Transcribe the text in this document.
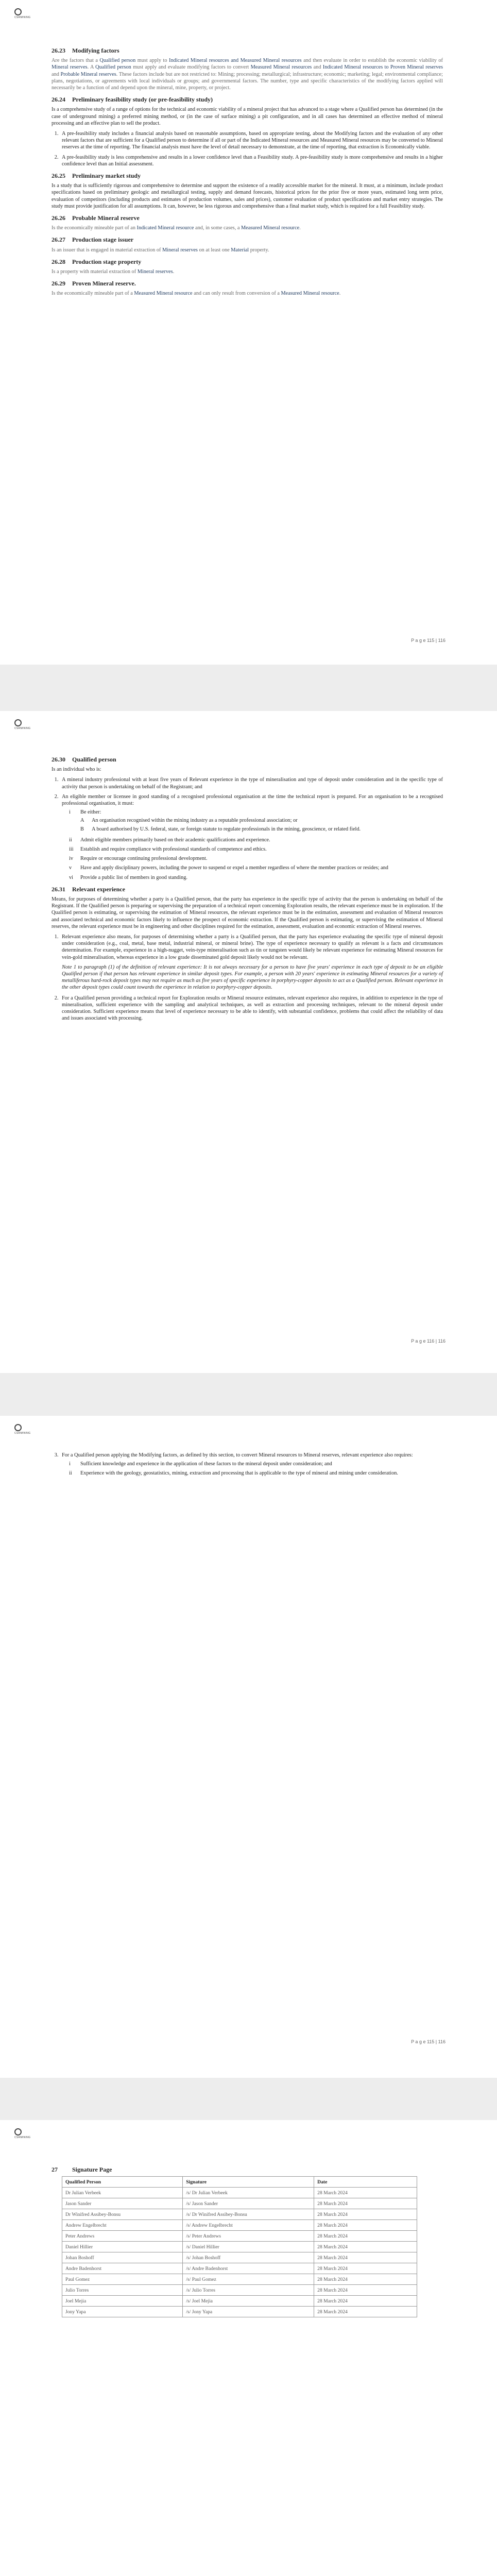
CSRMINING
26.23 Modifying factors

Are the factors that a Qualified person must apply to Indicated Mineral resources and Measured Mineral resources and then evaluate in order to establish the economic viability of Mineral reserves. A Qualified person must apply and evaluate modifying factors to convert Measured Mineral resources and Indicated Mineral resources to Proven Mineral reserves and Probable Mineral reserves. These factors include but are not restricted to: Mining; processing; metallurgical; infrastructure; economic; marketing; legal; environmental compliance; plans, negotiations, or agreements with local individuals or groups; and governmental factors. The number, type and specific characteristics of the modifying factors applied will necessarily be a function of and depend upon the mineral, mine, property, or project.

26.24 Preliminary feasibility study (or pre-feasibility study)

Is a comprehensive study of a range of options for the technical and economic viability of a mineral project that has advanced to a stage where a Qualified person has determined (in the case of underground mining) a preferred mining method, or (in the case of surface mining) a pit configuration, and in all cases has determined an effective method of mineral processing and an effective plan to sell the product.

1. A pre-feasibility study includes a financial analysis based on reasonable assumptions, based on appropriate testing, about the Modifying factors and the evaluation of any other relevant factors that are sufficient for a Qualified person to determine if all or part of the Indicated Mineral resources and Measured Mineral resources may be converted to Mineral reserves at the time of reporting. The financial analysis must have the level of detail necessary to demonstrate, at the time of reporting, that extraction is Economically viable.
2. A pre-feasibility study is less comprehensive and results in a lower confidence level than a Feasibility study. A pre-feasibility study is more comprehensive and results in a higher confidence level than an Initial assessment.
26.25 Preliminary market study

Is a study that is sufficiently rigorous and comprehensive to determine and support the existence of a readily accessible market for the mineral. It must, at a minimum, include product specifications based on preliminary geologic and metallurgical testing, supply and demand forecasts, historical prices for the prior five or more years, estimated long term price, evaluation of competitors (including products and estimates of production volumes, sales and prices), customer evaluation of product specifications and market entry strategies. The study must provide justification for all assumptions. It can, however, be less rigorous and comprehensive than a final market study, which is required for a full Feasibility study.

26.26 Probable Mineral reserve

Is the economically mineable part of an Indicated Mineral resource and, in some cases, a Measured Mineral resource.

26.27 Production stage issuer

Is an issuer that is engaged in material extraction of Mineral reserves on at least one Material property.

26.28 Production stage property

Is a property with material extraction of Mineral reserves.

26.29 Proven Mineral reserve.

Is the economically mineable part of a Measured Mineral resource and can only result from conversion of a Measured Mineral resource.

P a g e 115 | 116
CSRMINING
26.30 Qualified person

Is an individual who is:

1. A mineral industry professional with at least five years of Relevant experience in the type of mineralisation and type of deposit under consideration and in the specific type of activity that person is undertaking on behalf of the Registrant; and
2. An eligible member or licensee in good standing of a recognised professional organisation at the time the technical report is prepared. For an organisation to be a recognised professional organisation, it must:
i	Be either:
A	An organisation recognised within the mining industry as a reputable professional association; or
B	A board authorised by U.S. federal, state, or foreign statute to regulate professionals in the mining, geoscience, or related field.
ii	Admit eligible members primarily based on their academic qualifications and experience.
iii	Establish and require compliance with professional standards of competence and ethics.
iv	Require or encourage continuing professional development.
v	Have and apply disciplinary powers, including the power to suspend or expel a member regardless of where the member practices or resides; and
vi	Provide a public list of members in good standing.
26.31 Relevant experience

Means, for purposes of determining whether a party is a Qualified person, that the party has experience in the specific type of activity that the person is undertaking on behalf of the Registrant. If the Qualified person is preparing or supervising the preparation of a technical report concerning Exploration results, the relevant experience must be in exploration. If the Qualified person is estimating, or supervising the estimation of Mineral resources, the relevant experience must be in the estimation, assessment and evaluation of Mineral resources and associated technical and economic factors likely to influence the prospect of economic extraction. If the Qualified person is estimating, or supervising the estimation of Mineral reserves, the relevant experience must be in engineering and other disciplines required for the estimation, assessment, evaluation and economic extraction of Mineral reserves.

1. Relevant experience also means, for purposes of determining whether a party is a Qualified person, that the party has experience evaluating the specific type of mineral deposit under consideration (e.g., coal, metal, base metal, industrial mineral, or mineral brine). The type of experience necessary to qualify as relevant is a facts and circumstances determination. For example, experience in a high-nugget, vein-type mineralisation such as tin or tungsten would likely be relevant experience for estimating Mineral resources for vein-gold mineralisation, whereas experience in a low grade disseminated gold deposit likely would not be relevant.

Note 1 to paragraph (1) of the definition of relevant experience: It is not always necessary for a person to have five years' experience in each type of deposit to be an eligible Qualified person if that person has relevant experience in similar deposit types. For example, a person with 20 years' experience in estimating Mineral resources for a variety of metalliferous hard-rock deposit types may not require as much as five years of specific experience in porphyry-copper deposits to act as a Qualified person. Relevant experience in the other deposit types could count towards the experience in relation to porphyry-copper deposits.

2. For a Qualified person providing a technical report for Exploration results or Mineral resource estimates, relevant experience also requires, in addition to experience in the type of mineralisation, sufficient experience with the sampling and analytical techniques, as well as extraction and processing techniques, relevant to the mineral deposit under consideration. Sufficient experience means that level of experience necessary to be able to identify, with substantial confidence, problems that could affect the reliability of data and issues associated with processing.
P a g e 116 | 116
CSRMINING
3. For a Qualified person applying the Modifying factors, as defined by this section, to convert Mineral resources to Mineral reserves, relevant experience also requires:
i	Sufficient knowledge and experience in the application of these factors to the mineral deposit under consideration; and
ii	Experience with the geology, geostatistics, mining, extraction and processing that is applicable to the type of mineral and mining under consideration.
P a g e 115 | 116
CSRMINING
27 Signature Page
Qualified Person	Signature	Date
Dr Julian Verbeek	/s/ Dr Julian Verbeek	28 March 2024
Jason Sander	/s/ Jason Sander	28 March 2024
Dr Winifred Assibey-Bonsu	/s/ Dr Winifred Assibey-Bonsu	28 March 2024
Andrew Engelbrecht	/s/ Andrew Engelbrecht	28 March 2024
Peter Andrews	/s/ Peter Andrews	28 March 2024
Daniel Hillier	/s/ Daniel Hillier	28 March 2024
Johan Boshoff	/s/ Johan Boshoff	28 March 2024
Andre Badenhorst	/s/ Andre Badenhorst	28 March 2024
Paul Gomez	/s/ Paul Gomez	28 March 2024
Julio Torres	/s/ Julio Torres	28 March 2024
Joel Mejia	/s/ Joel Mejia	28 March 2024
Jony Yapa	/s/ Jony Yapa	28 March 2024
